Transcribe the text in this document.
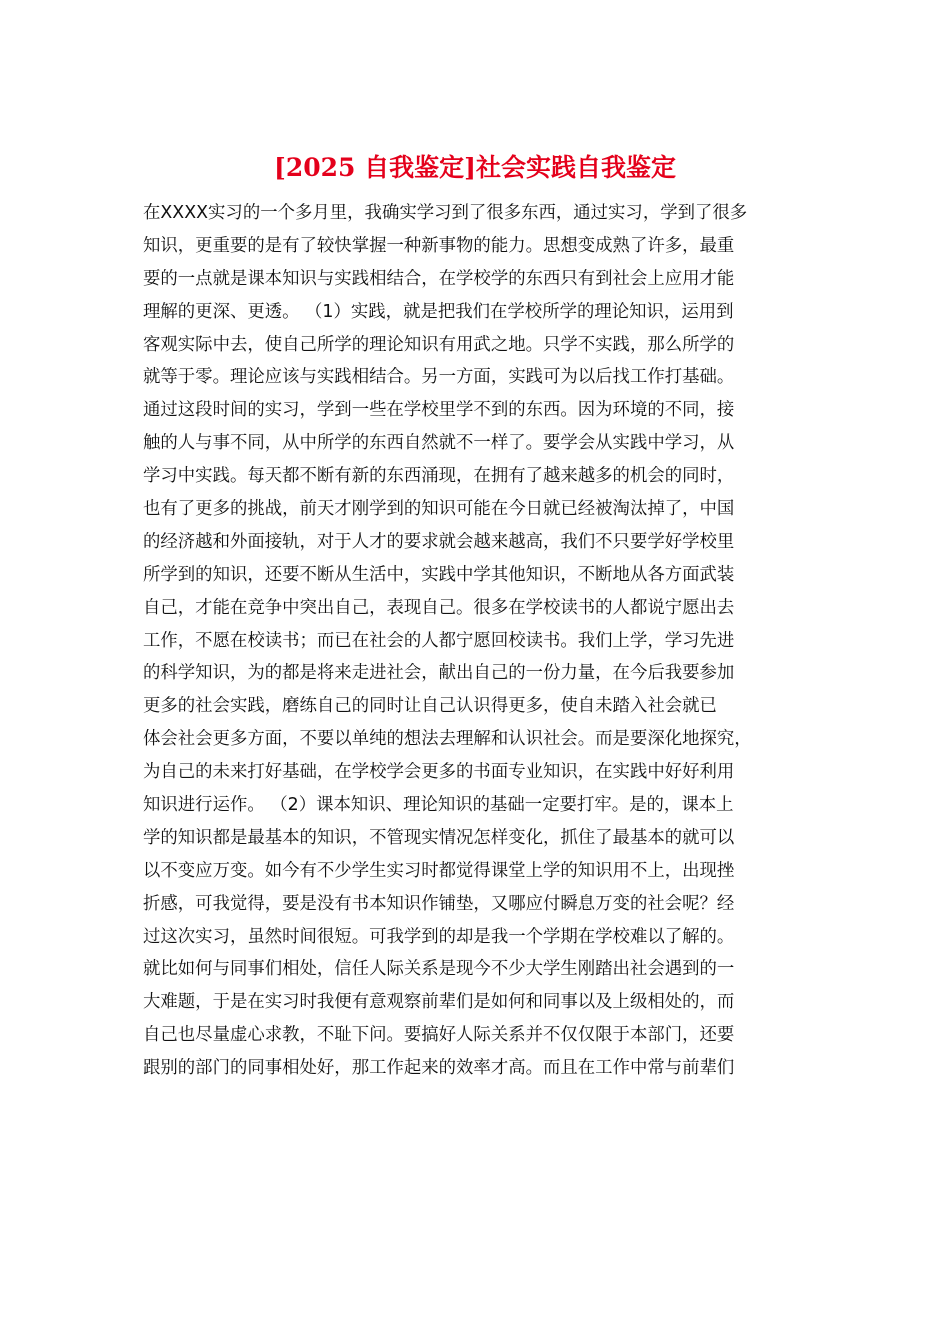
[2025 自我鉴定]社会实践自我鉴定
在XXXX实习的一个多月里，我确实学习到了很多东西，通过实习，学到了很多
知识，更重要的是有了较快掌握一种新事物的能力。思想变成熟了许多，最重
要的一点就是课本知识与实践相结合，在学校学的东西只有到社会上应用才能
理解的更深、更透。 （1）实践，就是把我们在学校所学的理论知识，运用到
客观实际中去，使自己所学的理论知识有用武之地。只学不实践，那么所学的
就等于零。理论应该与实践相结合。另一方面，实践可为以后找工作打基础。
通过这段时间的实习，学到一些在学校里学不到的东西。因为环境的不同，接
触的人与事不同，从中所学的东西自然就不一样了。要学会从实践中学习，从
学习中实践。每天都不断有新的东西涌现，在拥有了越来越多的机会的同时，
也有了更多的挑战，前天才刚学到的知识可能在今日就已经被淘汰掉了，中国
的经济越和外面接轨，对于人才的要求就会越来越高，我们不只要学好学校里
所学到的知识，还要不断从生活中，实践中学其他知识，不断地从各方面武装
自己，才能在竞争中突出自己，表现自己。很多在学校读书的人都说宁愿出去
工作，不愿在校读书；而已在社会的人都宁愿回校读书。我们上学，学习先进
的科学知识，为的都是将来走进社会，献出自己的一份力量，在今后我要参加
更多的社会实践，磨练自己的同时让自己认识得更多，使自未踏入社会就已
体会社会更多方面，不要以单纯的想法去理解和认识社会。而是要深化地探究，
为自己的未来打好基础，在学校学会更多的书面专业知识，在实践中好好利用
知识进行运作。 （2）课本知识、理论知识的基础一定要打牢。是的，课本上
学的知识都是最基本的知识，不管现实情况怎样变化，抓住了最基本的就可以
以不变应万变。如今有不少学生实习时都觉得课堂上学的知识用不上，出现挫
折感，可我觉得，要是没有书本知识作铺垫，又哪应付瞬息万变的社会呢？经
过这次实习，虽然时间很短。可我学到的却是我一个学期在学校难以了解的。
就比如何与同事们相处，信任人际关系是现今不少大学生刚踏出社会遇到的一
大难题，于是在实习时我便有意观察前辈们是如何和同事以及上级相处的，而
自己也尽量虚心求教，不耻下问。要搞好人际关系并不仅仅限于本部门，还要
跟别的部门的同事相处好，那工作起来的效率才高。而且在工作中常与前辈们
